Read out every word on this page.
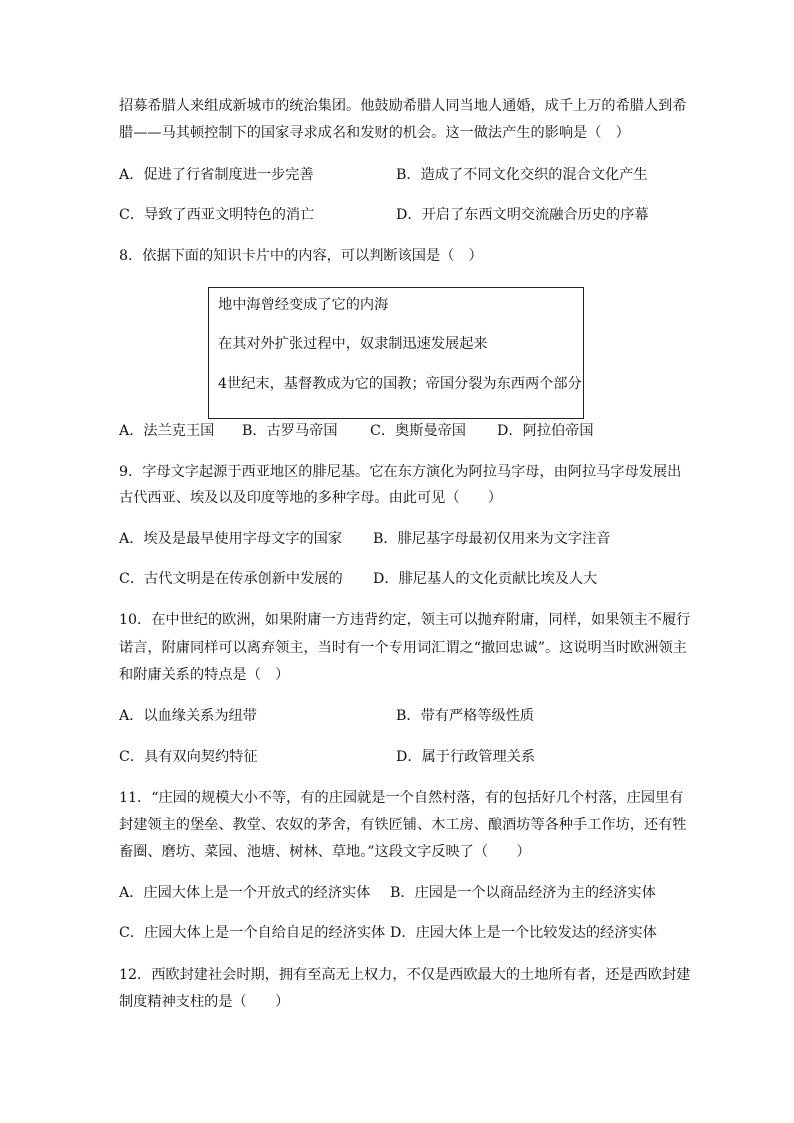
招募希腊人来组成新城市的统治集团。他鼓励希腊人同当地人通婚，成千上万的希腊人到希
腊——马其顿控制下的国家寻求成名和发财的机会。这一做法产生的影响是（　）
A．促进了行省制度进一步完善	B．造成了不同文化交织的混合文化产生
C．导致了西亚文明特色的消亡	D．开启了东西文明交流融合历史的序幕
8．依据下面的知识卡片中的内容，可以判断该国是（　）
地中海曾经变成了它的内海
在其对外扩张过程中，奴隶制迅速发展起来
4世纪末，基督教成为它的国教；帝国分裂为东西两个部分
A．法兰克王国 B．古罗马帝国 C．奥斯曼帝国 D．阿拉伯帝国
9．字母文字起源于西亚地区的腓尼基。它在东方演化为阿拉马字母，由阿拉马字母发展出
古代西亚、埃及以及印度等地的多种字母。由此可见（　　）
A．埃及是最早使用字母文字的国家 B．腓尼基字母最初仅用来为文字注音
C．古代文明是在传承创新中发展的 D．腓尼基人的文化贡献比埃及人大
10．在中世纪的欧洲，如果附庸一方违背约定，领主可以抛弃附庸，同样，如果领主不履行
诺言，附庸同样可以离弃领主，当时有一个专用词汇谓之“撤回忠诚”。这说明当时欧洲领主
和附庸关系的特点是（　）
A．以血缘关系为纽带	B．带有严格等级性质
C．具有双向契约特征	D．属于行政管理关系
11．“庄园的规模大小不等，有的庄园就是一个自然村落，有的包括好几个村落，庄园里有
封建领主的堡垒、教堂、农奴的茅舍，有铁匠铺、木工房、酿酒坊等各种手工作坊，还有牲
畜圈、磨坊、菜园、池塘、树林、草地。”这段文字反映了（　　）
A．庄园大体上是一个开放式的经济实体 B．庄园是一个以商品经济为主的经济实体
C．庄园大体上是一个自给自足的经济实体 D．庄园大体上是一个比较发达的经济实体
12．西欧封建社会时期，拥有至高无上权力，不仅是西欧最大的土地所有者，还是西欧封建
制度精神支柱的是（　　）
